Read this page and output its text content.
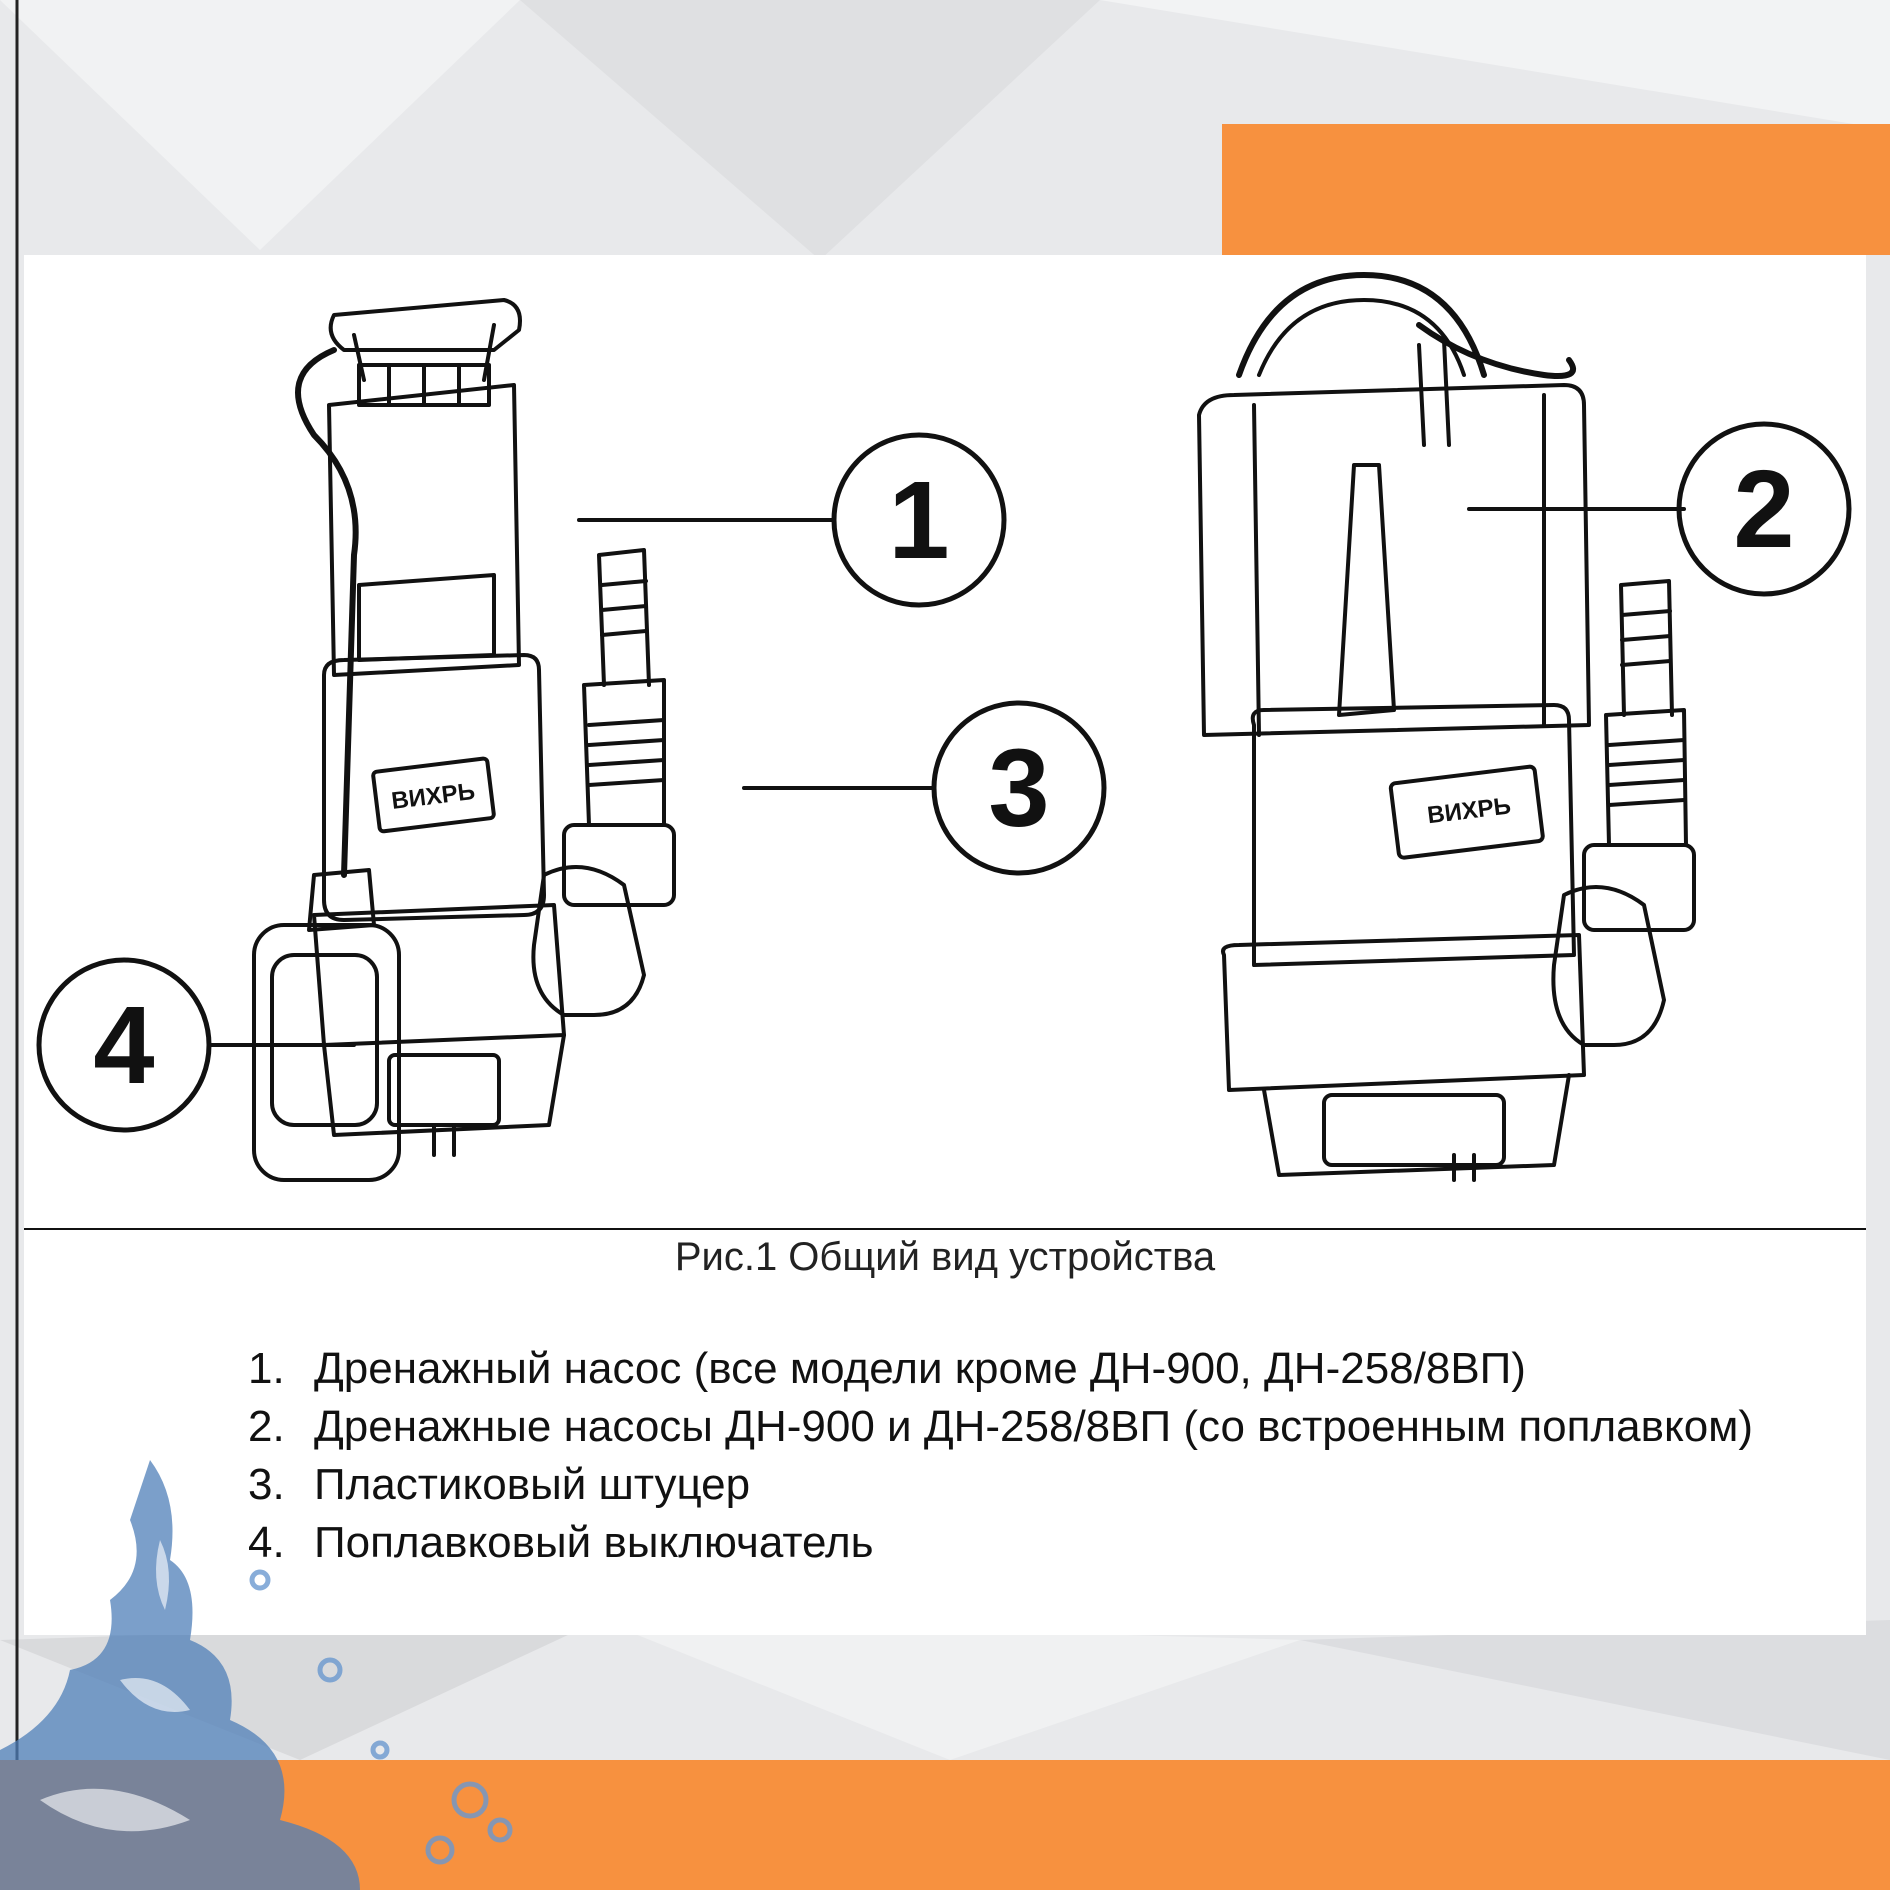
1	2
3
4
ВИХРЬ	ВИХРЬ
Рис.1 Общий вид устройства
1. Дренажный насос (все модели кроме ДН-900, ДН-258/8ВП)
2. Дренажные насосы ДН-900 и ДН-258/8ВП (со встроенным поплавком)
3. Пластиковый штуцер
4. Поплавковый выключатель
